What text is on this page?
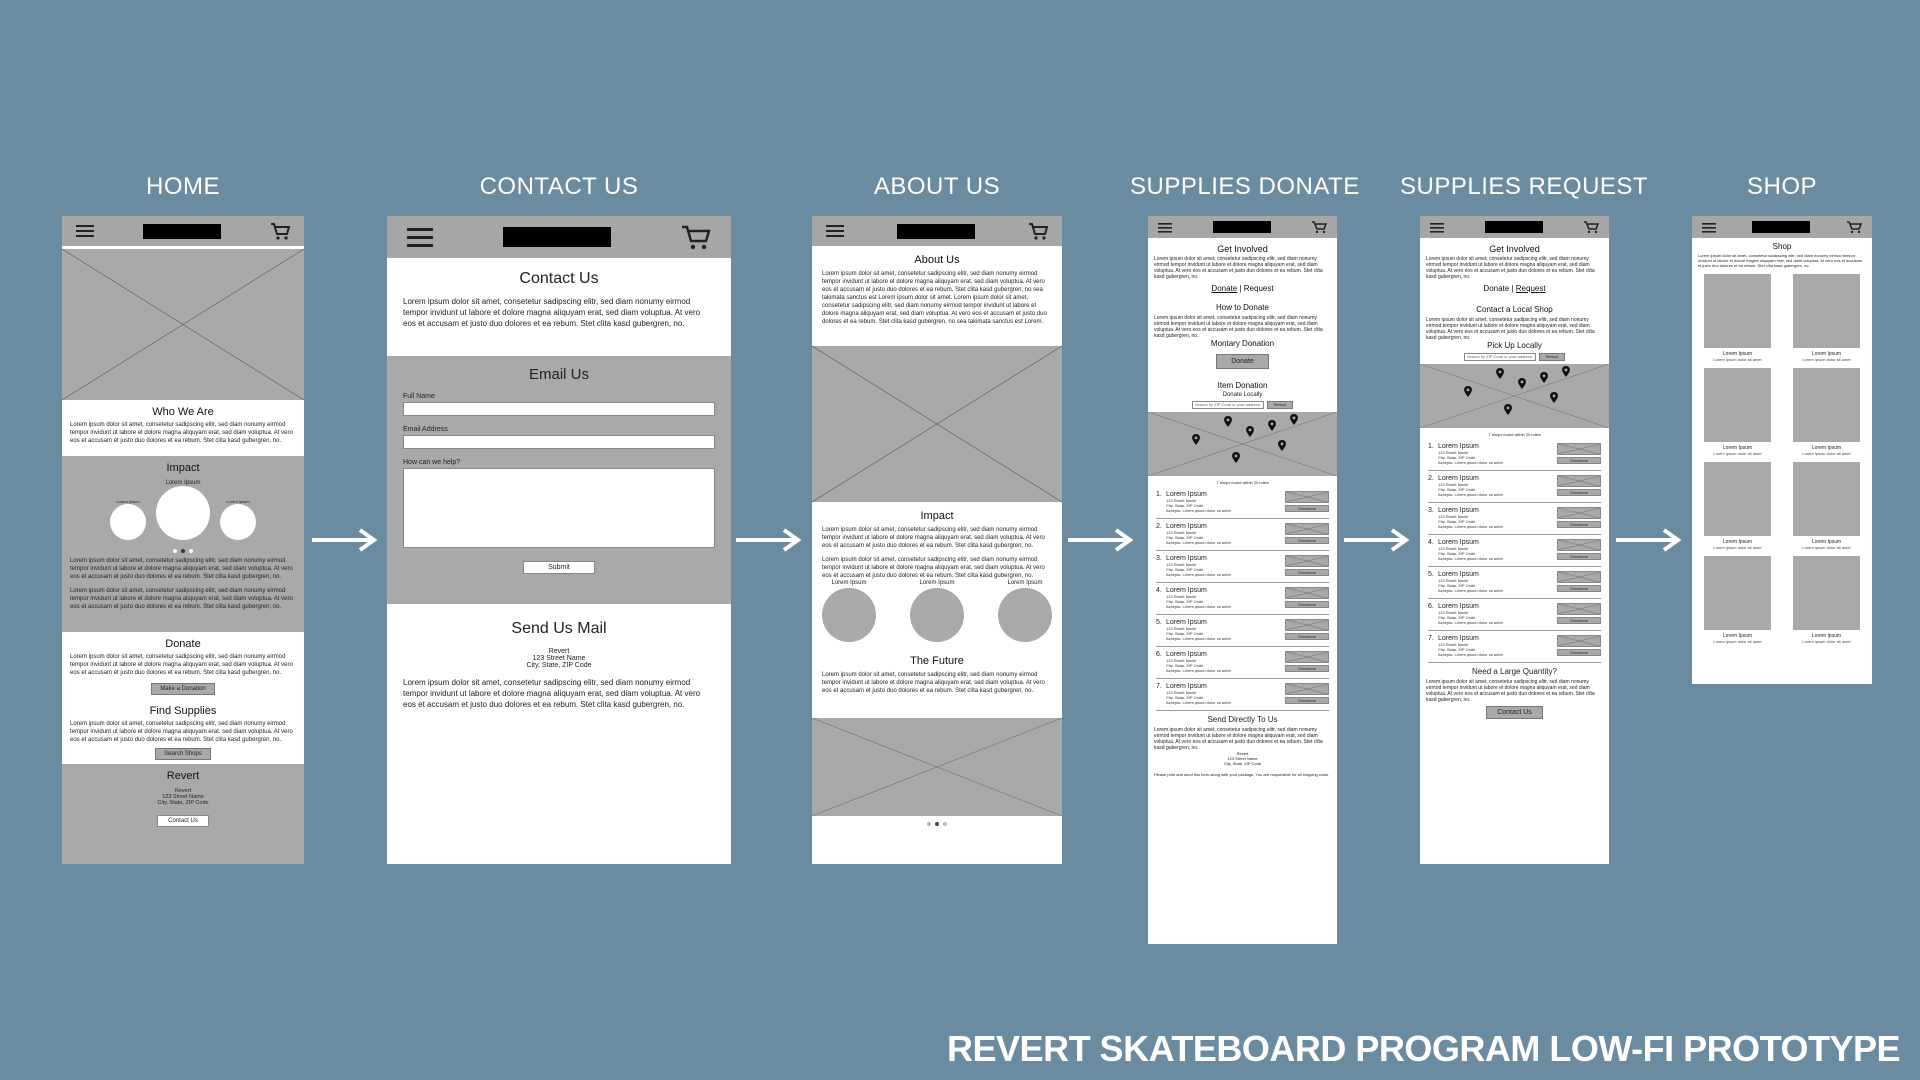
HOME	CONTACT US	ABOUT US	SUPPLIES DONATE SUPPLIES REQUEST	SHOP
Who We Are
Lorem ipsum dolor sit amet, consetetur sadipscing elitr, sed diam nonumy eirmod tempor invidunt ut labore et dolore magna aliquyam erat, sed diam voluptua. At vero eos et accusam et justo duo dolores et ea rebum. Stet clita kasd gubergren, no.
Impact
Lorem Ipsum
Lorem Ipsum
Lorem Ipsum
Lorem ipsum dolor sit amet, consetetur sadipscing elitr, sed diam nonumy eirmod tempor invidunt ut labore et dolore magna aliquyam erat, sed diam voluptua. At vero eos et accusam et justo duo dolores et ea rebum. Stet clita kasd gubergren, no.
Lorem ipsum dolor sit amet, consetetur sadipscing elitr, sed diam nonumy eirmod tempor invidunt ut labore et dolore magna aliquyam erat, sed diam voluptua. At vero eos et accusam et justo duo dolores et ea rebum. Stet clita kasd gubergren, no.
Donate
Lorem ipsum dolor sit amet, consetetur sadipscing elitr, sed diam nonumy eirmod tempor invidunt ut labore et dolore magna aliquyam erat, sed diam voluptua. At vero eos et accusam et justo duo dolores et ea rebum. Stet clita kasd gubergren, no.
Make a Donation
Find Supplies
Lorem ipsum dolor sit amet, consetetur sadipscing elitr, sed diam nonumy eirmod tempor invidunt ut labore et dolore magna aliquyam erat, sed diam voluptua. At vero eos et accusam et justo duo dolores et ea rebum. Stet clita kasd gubergren, no.
Search Shops
Revert
Revert
123 Street Name
City, State, ZIP Code
Contact Us
Contact Us
Lorem ipsum dolor sit amet, consetetur sadipscing elitr, sed diam nonumy eirmod tempor invidunt ut labore et dolore magna aliquyam erat, sed diam voluptua. At vero eos et accusam et justo duo dolores et ea rebum. Stet clita kasd gubergren, no.
Email Us
Full Name
Email Address
How can we help?
Submit
Send Us Mail
Revert
123 Street Name
City, State, ZIP Code
Lorem ipsum dolor sit amet, consetetur sadipscing elitr, sed diam nonumy eirmod tempor invidunt ut labore et dolore magna aliquyam erat, sed diam voluptua. At vero eos et accusam et justo duo dolores et ea rebum. Stet clita kasd gubergren, no.
About Us
Lorem ipsum dolor sit amet, consetetur sadipscing elitr, sed diam nonumy eirmod tempor invidunt ut labore et dolore magna aliquyam erat, sed diam voluptua. At vero eos et accusam et justo duo dolores et ea rebum. Stet clita kasd gubergren, no sea takimata sanctus est Lorem ipsum dolor sit amet. Lorem ipsum dolor sit amet, consetetur sadipscing elitr, sed diam nonumy eirmod tempor invidunt ut labore et dolore magna aliquyam erat, sed diam voluptua. At vero eos et accusam et justo duo dolores et ea rebum. Stet clita kasd gubergren, no sea takimata sanctus est Lorem.
Impact
Lorem ipsum dolor sit amet, consetetur sadipscing elitr, sed diam nonumy eirmod tempor invidunt ut labore et dolore magna aliquyam erat, sed diam voluptua. At vero eos et accusam et justo duo dolores et ea rebum. Stet clita kasd gubergren, no.
Lorem ipsum dolor sit amet, consetetur sadipscing elitr, sed diam nonumy eirmod tempor invidunt ut labore et dolore magna aliquyam erat, sed diam voluptua. At vero eos et accusam et justo duo dolores et ea rebum. Stet clita kasd gubergren, no.
Lorem Ipsum	Lorem Ipsum	Lorem Ipsum
The Future
Lorem ipsum dolor sit amet, consetetur sadipscing elitr, sed diam nonumy eirmod tempor invidunt ut labore et dolore magna aliquyam erat, sed diam voluptua. At vero eos et accusam et justo duo dolores et ea rebum. Stet clita kasd gubergren, no.
Get Involved
Lorem ipsum dolor sit amet, consetetur sadipscing elitr, sed diam nonumy eirmod tempor invidunt ut labore et dolore magna aliquyam erat, sed diam voluptua. At vero eos et accusam et justo duo dolores et ea rebum. Stet clita kasd gubergren, no.
Donate | Request
How to Donate
Lorem ipsum dolor sit amet, consetetur sadipscing elitr, sed diam nonumy eirmod tempor invidunt ut labore et dolore magna aliquyam erat, sed diam voluptua. At vero eos et accusam et justo duo dolores et ea rebum. Stet clita kasd gubergren, no.
Montary Donation
Donate
Item Donation
Donate Locally
Search by ZIP Code or your address	Search
7 shops found within 20 miles
1. Lorem Ipsum
123 Street Name
City, State, ZIP Code
Accepts: Lorem ipsum dolor sit amet	Directions
2. Lorem Ipsum
123 Street Name
City, State, ZIP Code
Accepts: Lorem ipsum dolor sit amet	Directions
3. Lorem Ipsum
123 Street Name
City, State, ZIP Code
Accepts: Lorem ipsum dolor sit amet	Directions
4. Lorem Ipsum
123 Street Name
City, State, ZIP Code
Accepts: Lorem ipsum dolor sit amet	Directions
5. Lorem Ipsum
123 Street Name
City, State, ZIP Code
Accepts: Lorem ipsum dolor sit amet	Directions
6. Lorem Ipsum
123 Street Name
City, State, ZIP Code
Accepts: Lorem ipsum dolor sit amet	Directions
7. Lorem Ipsum
123 Street Name
City, State, ZIP Code
Accepts: Lorem ipsum dolor sit amet	Directions
Send Directly To Us
Lorem ipsum dolor sit amet, consetetur sadipscing elitr, sed diam nonumy eirmod tempor invidunt ut labore et dolore magna aliquyam erat, sed diam voluptua. At vero eos et accusam et justo duo dolores et ea rebum. Stet clita kasd gubergren, no.
Revert
123 Street Name
City, State, ZIP Code
Please print and send this form along with your package. You are responsible for all shipping costs.
Get Involved
Lorem ipsum dolor sit amet, consetetur sadipscing elitr, sed diam nonumy eirmod tempor invidunt ut labore et dolore magna aliquyam erat, sed diam voluptua. At vero eos et accusam et justo duo dolores et ea rebum. Stet clita kasd gubergren, no.
Donate | Request
Contact a Local Shop
Lorem ipsum dolor sit amet, consetetur sadipscing elitr, sed diam nonumy eirmod tempor invidunt ut labore et dolore magna aliquyam erat, sed diam voluptua. At vero eos et accusam et justo duo dolores et ea rebum. Stet clita kasd gubergren, no.
Pick Up Locally
Search by ZIP Code or your address	Search
7 shops found within 20 miles
1. Lorem Ipsum
123 Street Name
City, State, ZIP Code
Accepts: Lorem ipsum dolor sit amet	Directions
2. Lorem Ipsum
123 Street Name
City, State, ZIP Code
Accepts: Lorem ipsum dolor sit amet	Directions
3. Lorem Ipsum
123 Street Name
City, State, ZIP Code
Accepts: Lorem ipsum dolor sit amet	Directions
4. Lorem Ipsum
123 Street Name
City, State, ZIP Code
Accepts: Lorem ipsum dolor sit amet	Directions
5. Lorem Ipsum
123 Street Name
City, State, ZIP Code
Accepts: Lorem ipsum dolor sit amet	Directions
6. Lorem Ipsum
123 Street Name
City, State, ZIP Code
Accepts: Lorem ipsum dolor sit amet	Directions
7. Lorem Ipsum
123 Street Name
City, State, ZIP Code
Accepts: Lorem ipsum dolor sit amet	Directions
Need a Large Quantity?
Lorem ipsum dolor sit amet, consetetur sadipscing elitr, sed diam nonumy eirmod tempor invidunt ut labore et dolore magna aliquyam erat, sed diam voluptua. At vero eos et accusam et justo duo dolores et ea rebum. Stet clita kasd gubergren, no.
Contact Us
Shop
Lorem ipsum dolor sit amet, consetetur sadipscing elitr, sed diam nonumy eirmod tempor invidunt ut labore et dolore magna aliquyam erat, sed diam voluptua. At vero eos et accusam et justo duo dolores et ea rebum. Stet clita kasd gubergren, no.
Lorem Ipsum
Lorem ipsum dolor sit amet
Lorem Ipsum
Lorem ipsum dolor sit amet
Lorem Ipsum
Lorem ipsum dolor sit amet
Lorem Ipsum
Lorem ipsum dolor sit amet
Lorem Ipsum
Lorem ipsum dolor sit amet
Lorem Ipsum
Lorem ipsum dolor sit amet
Lorem Ipsum
Lorem ipsum dolor sit amet
Lorem Ipsum
Lorem ipsum dolor sit amet
REVERT SKATEBOARD PROGRAM LOW-FI PROTOTYPE
